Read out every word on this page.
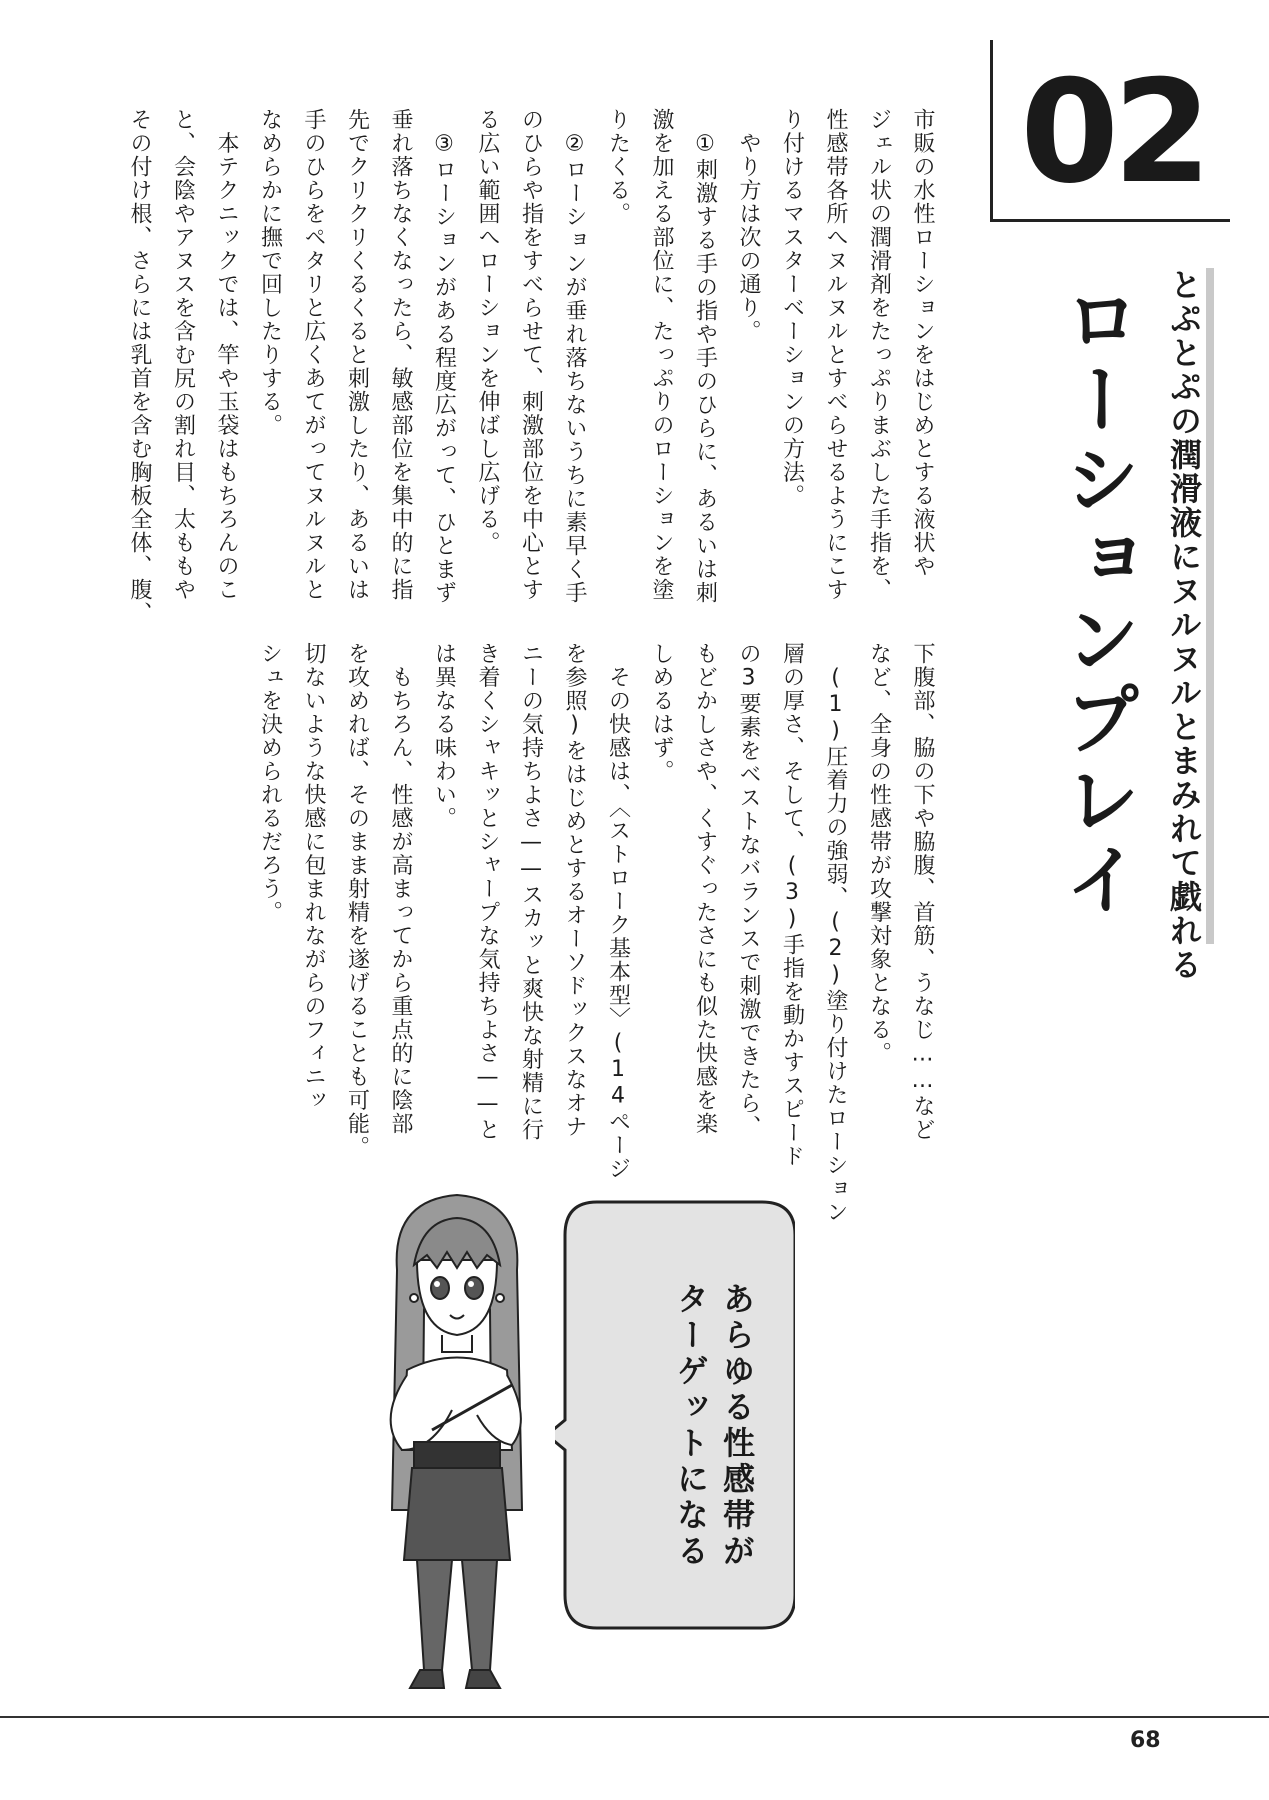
02
ローションプレイ とぷとぷの潤滑液にヌルヌルとまみれて戯れる
市販の水性ローションをはじめとする液状や
ジェル状の潤滑剤をたっぷりまぶした手指を、
性感帯各所へヌルヌルとすべらせるようにこす
り付けるマスターベーションの方法。
　やり方は次の通り。
　①刺激する手の指や手のひらに、あるいは刺
激を加える部位に、たっぷりのローションを塗
りたくる。
　②ローションが垂れ落ちないうちに素早く手
のひらや指をすべらせて、刺激部位を中心とす
る広い範囲へローションを伸ばし広げる。
　③ローションがある程度広がって、ひとまず
垂れ落ちなくなったら、敏感部位を集中的に指
先でクリクリくるくると刺激したり、あるいは
手のひらをペタリと広くあてがってヌルヌルと
なめらかに撫で回したりする。
　本テクニックでは、竿や玉袋はもちろんのこ
と、会陰やアヌスを含む尻の割れ目、太ももや
その付け根、さらには乳首を含む胸板全体、腹、
下腹部、脇の下や脇腹、首筋、うなじ……など
など、全身の性感帯が攻撃対象となる。
　(1)圧着力の強弱、(2)塗り付けたローション
層の厚さ、そして、(3)手指を動かすスピード
の3要素をベストなバランスで刺激できたら、
もどかしさや、くすぐったさにも似た快感を楽
しめるはず。
　その快感は、〈ストローク基本型〉(14ページ
を参照)をはじめとするオーソドックスなオナ
ニーの気持ちよさ——スカッと爽快な射精に行
き着くシャキッとシャープな気持ちよさ——と
は異なる味わい。
　もちろん、性感が高まってから重点的に陰部
を攻めれば、そのまま射精を遂げることも可能。
切ないような快感に包まれながらのフィニッ
シュを決められるだろう。
あらゆる性感帯が
ターゲットになる
68
